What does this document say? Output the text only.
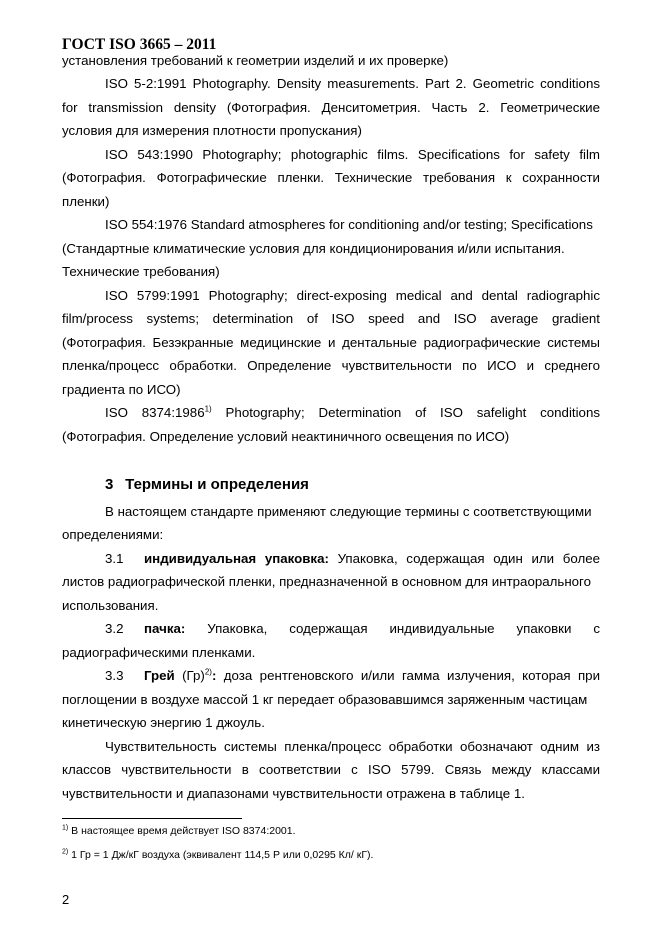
ГОСТ ISO 3665 – 2011
установления требований к геометрии изделий и их проверке)
ISO 5-2:1991 Photography. Density measurements. Part 2. Geometric conditions
for transmission density (Фотография. Денситометрия. Часть 2. Геометрические
условия для измерения плотности пропускания)
ISO 543:1990 Photography; photographic films. Specifications for safety film
(Фотография. Фотографические пленки. Технические требования к сохранности
пленки)
ISO 554:1976 Standard atmospheres for conditioning and/or testing; Specifications
(Стандартные климатические условия для кондиционирования и/или испытания.
Технические требования)
ISO 5799:1991 Photography; direct-exposing medical and dental radiographic
film/process systems; determination of ISO speed and ISO average gradient
(Фотография. Безэкранные медицинские и дентальные радиографические системы
пленка/процесс обработки. Определение чувствительности по ИСО и среднего
градиента по ИСО)
ISO 8374:1986$^{1)}$ Photography; Determination of ISO safelight conditions
(Фотография. Определение условий неактиничного освещения по ИСО)
3 Термины и определения
В настоящем стандарте применяют следующие термины с соответствующими
определениями:
3.1 индивидуальная упаковка: Упаковка, содержащая один или более
листов радиографической пленки, предназначенной в основном для интраорального
использования.
3.2 пачка: Упаковка, содержащая индивидуальные упаковки с
радиографическими пленками.
3.3 Грей (Гр)$^{2)}$: доза рентгеновского и/или гамма излучения, которая при
поглощении в воздухе массой 1 кг передает образовавшимся заряженным частицам
кинетическую энергию 1 джоуль.
Чувствительность системы пленка/процесс обработки обозначают одним из
классов чувствительности в соответствии с ISO 5799. Связь между классами
чувствительности и диапазонами чувствительности отражена в таблице 1.
$^{1)}$ В настоящее время действует ISO 8374:2001.
$^{2)}$ 1 Гр = 1 Дж/кГ воздуха (эквивалент 114,5 Р или 0,0295 Кл/ кГ).
2
